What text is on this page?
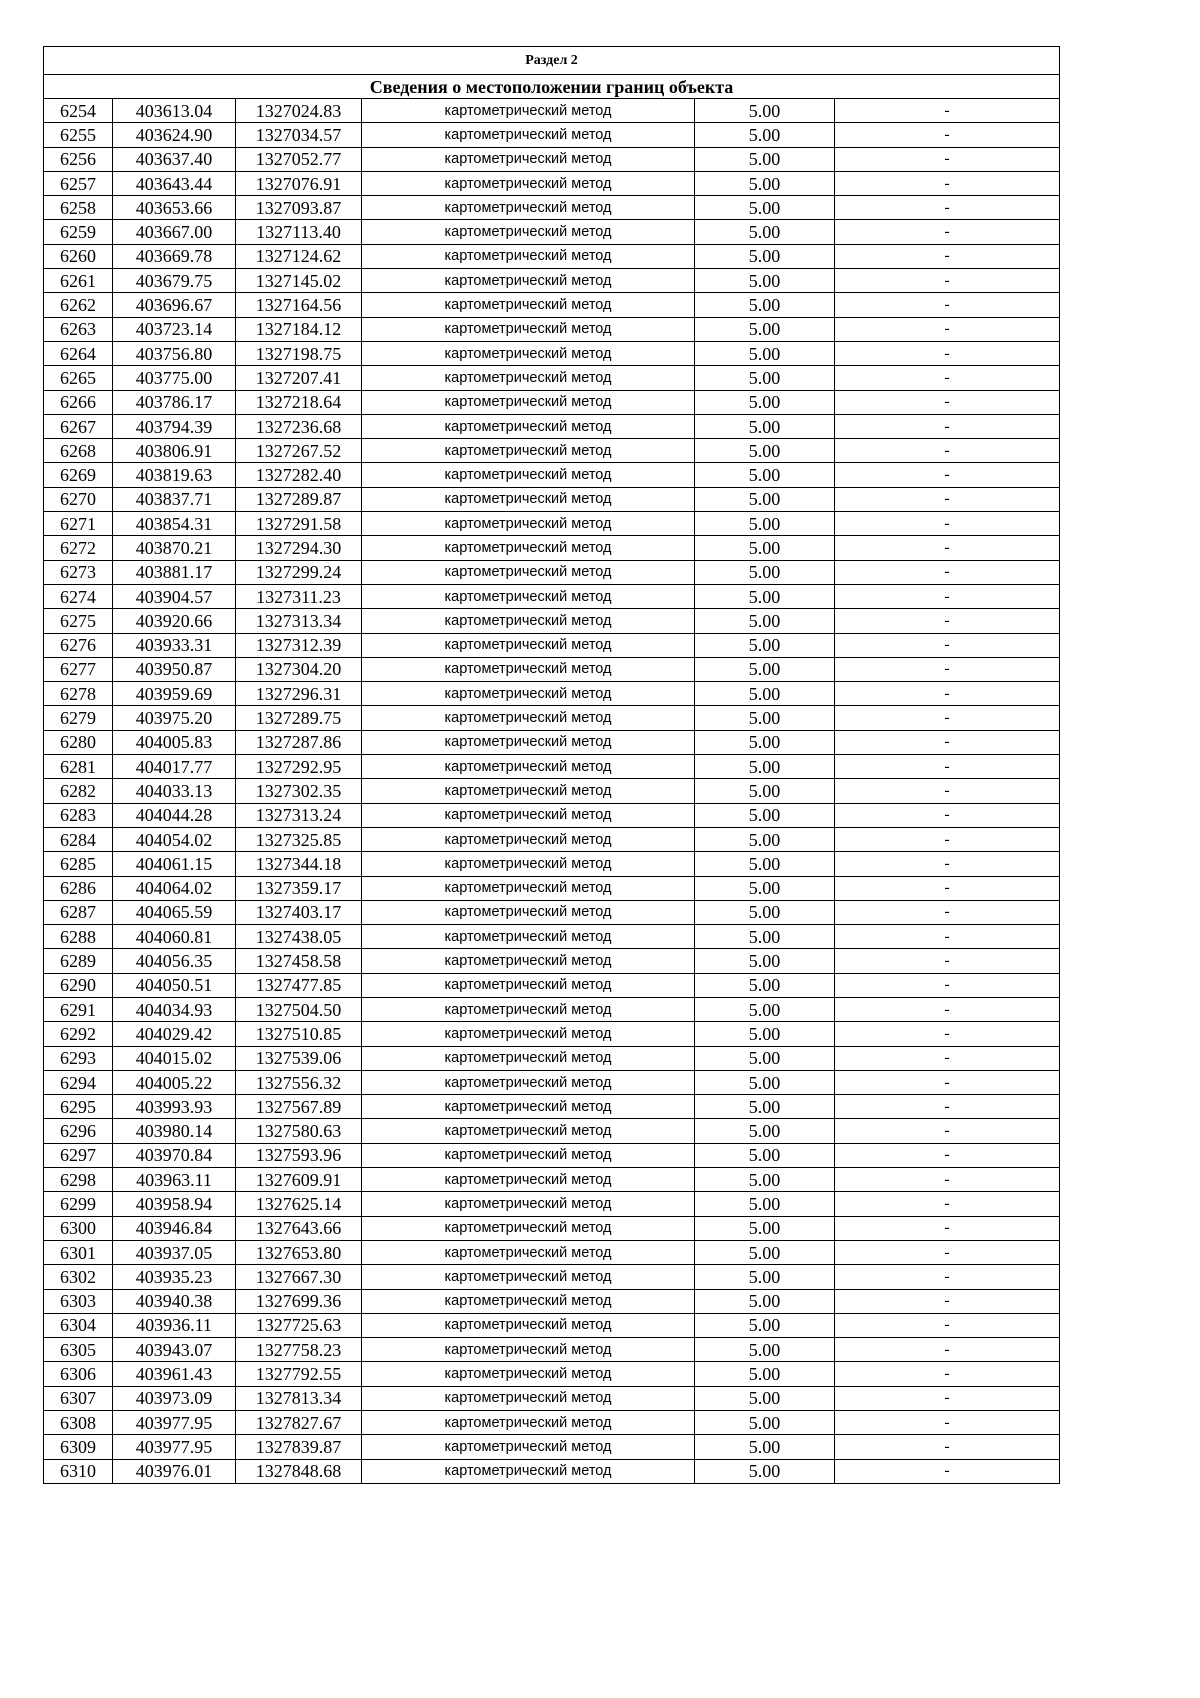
Раздел 2					
Сведения о местоположении границ объекта					
6254	403613.04	1327024.83	картометрический метод	5.00	-
6255	403624.90	1327034.57	картометрический метод	5.00	-
6256	403637.40	1327052.77	картометрический метод	5.00	-
6257	403643.44	1327076.91	картометрический метод	5.00	-
6258	403653.66	1327093.87	картометрический метод	5.00	-
6259	403667.00	1327113.40	картометрический метод	5.00	-
6260	403669.78	1327124.62	картометрический метод	5.00	-
6261	403679.75	1327145.02	картометрический метод	5.00	-
6262	403696.67	1327164.56	картометрический метод	5.00	-
6263	403723.14	1327184.12	картометрический метод	5.00	-
6264	403756.80	1327198.75	картометрический метод	5.00	-
6265	403775.00	1327207.41	картометрический метод	5.00	-
6266	403786.17	1327218.64	картометрический метод	5.00	-
6267	403794.39	1327236.68	картометрический метод	5.00	-
6268	403806.91	1327267.52	картометрический метод	5.00	-
6269	403819.63	1327282.40	картометрический метод	5.00	-
6270	403837.71	1327289.87	картометрический метод	5.00	-
6271	403854.31	1327291.58	картометрический метод	5.00	-
6272	403870.21	1327294.30	картометрический метод	5.00	-
6273	403881.17	1327299.24	картометрический метод	5.00	-
6274	403904.57	1327311.23	картометрический метод	5.00	-
6275	403920.66	1327313.34	картометрический метод	5.00	-
6276	403933.31	1327312.39	картометрический метод	5.00	-
6277	403950.87	1327304.20	картометрический метод	5.00	-
6278	403959.69	1327296.31	картометрический метод	5.00	-
6279	403975.20	1327289.75	картометрический метод	5.00	-
6280	404005.83	1327287.86	картометрический метод	5.00	-
6281	404017.77	1327292.95	картометрический метод	5.00	-
6282	404033.13	1327302.35	картометрический метод	5.00	-
6283	404044.28	1327313.24	картометрический метод	5.00	-
6284	404054.02	1327325.85	картометрический метод	5.00	-
6285	404061.15	1327344.18	картометрический метод	5.00	-
6286	404064.02	1327359.17	картометрический метод	5.00	-
6287	404065.59	1327403.17	картометрический метод	5.00	-
6288	404060.81	1327438.05	картометрический метод	5.00	-
6289	404056.35	1327458.58	картометрический метод	5.00	-
6290	404050.51	1327477.85	картометрический метод	5.00	-
6291	404034.93	1327504.50	картометрический метод	5.00	-
6292	404029.42	1327510.85	картометрический метод	5.00	-
6293	404015.02	1327539.06	картометрический метод	5.00	-
6294	404005.22	1327556.32	картометрический метод	5.00	-
6295	403993.93	1327567.89	картометрический метод	5.00	-
6296	403980.14	1327580.63	картометрический метод	5.00	-
6297	403970.84	1327593.96	картометрический метод	5.00	-
6298	403963.11	1327609.91	картометрический метод	5.00	-
6299	403958.94	1327625.14	картометрический метод	5.00	-
6300	403946.84	1327643.66	картометрический метод	5.00	-
6301	403937.05	1327653.80	картометрический метод	5.00	-
6302	403935.23	1327667.30	картометрический метод	5.00	-
6303	403940.38	1327699.36	картометрический метод	5.00	-
6304	403936.11	1327725.63	картометрический метод	5.00	-
6305	403943.07	1327758.23	картометрический метод	5.00	-
6306	403961.43	1327792.55	картометрический метод	5.00	-
6307	403973.09	1327813.34	картометрический метод	5.00	-
6308	403977.95	1327827.67	картометрический метод	5.00	-
6309	403977.95	1327839.87	картометрический метод	5.00	-
6310	403976.01	1327848.68	картометрический метод	5.00	-
